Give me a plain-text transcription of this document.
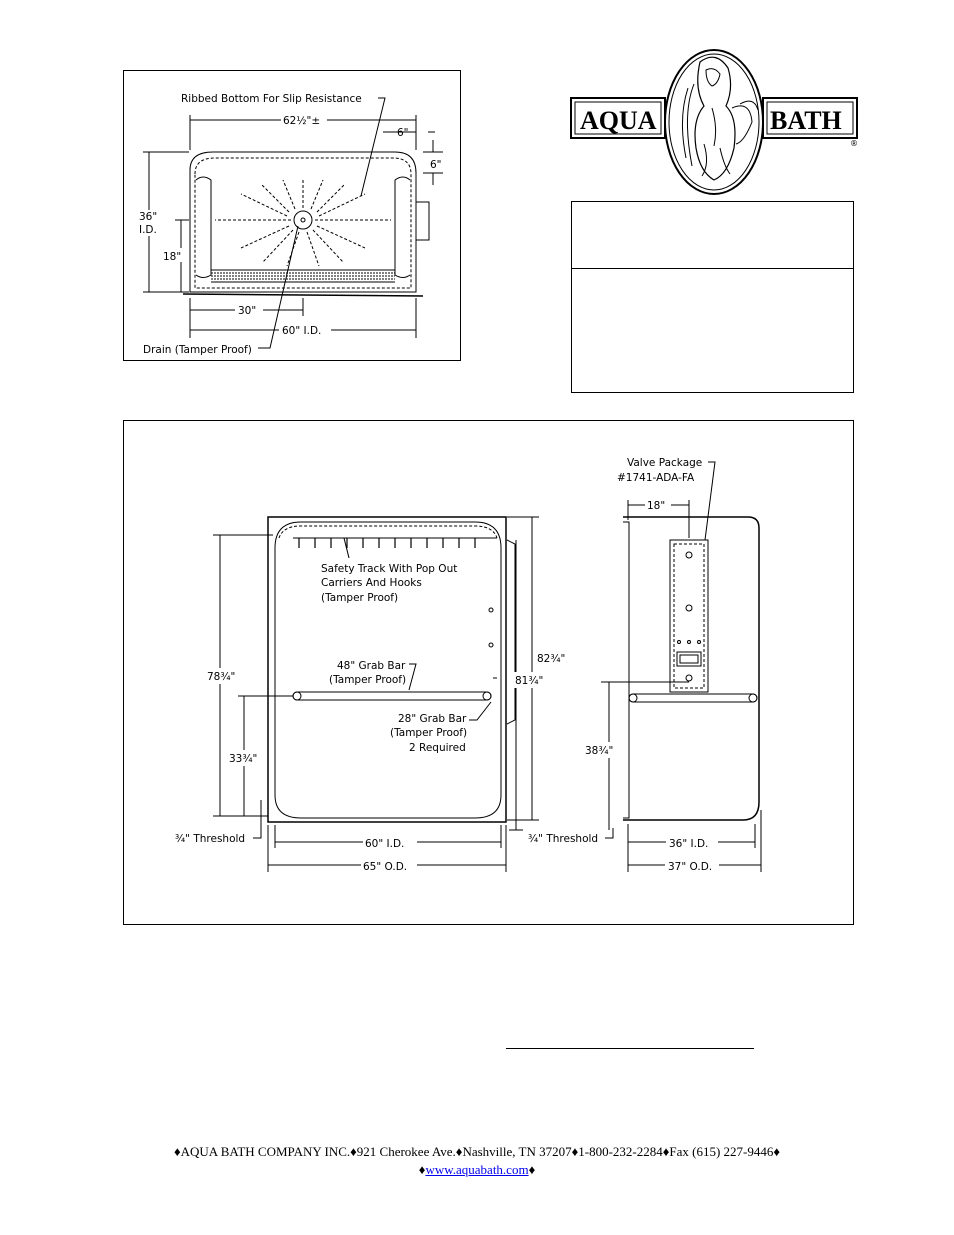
Ribbed Bottom For Slip Resistance
62½"±
6"
6"
36"
I.D.
18"
30"
60" I.D.
Drain (Tamper Proof)
AQUA	BATH
®
Safety Track With Pop Out
Carriers And Hooks
(Tamper Proof)
48" Grab Bar
(Tamper Proof)
28" Grab Bar
(Tamper Proof)
2 Required
78¾"
33¾"
81¾"
82¾"
¾" Threshold	60" I.D.
65" O.D.
¾" Threshold
Valve Package
#1741-ADA-FA
18"
38¾"
36" I.D.
37" O.D.
♦AQUA BATH COMPANY INC.♦921 Cherokee Ave.♦Nashville, TN 37207♦1-800-232-2284♦Fax (615) 227-9446♦
♦www.aquabath.com♦
